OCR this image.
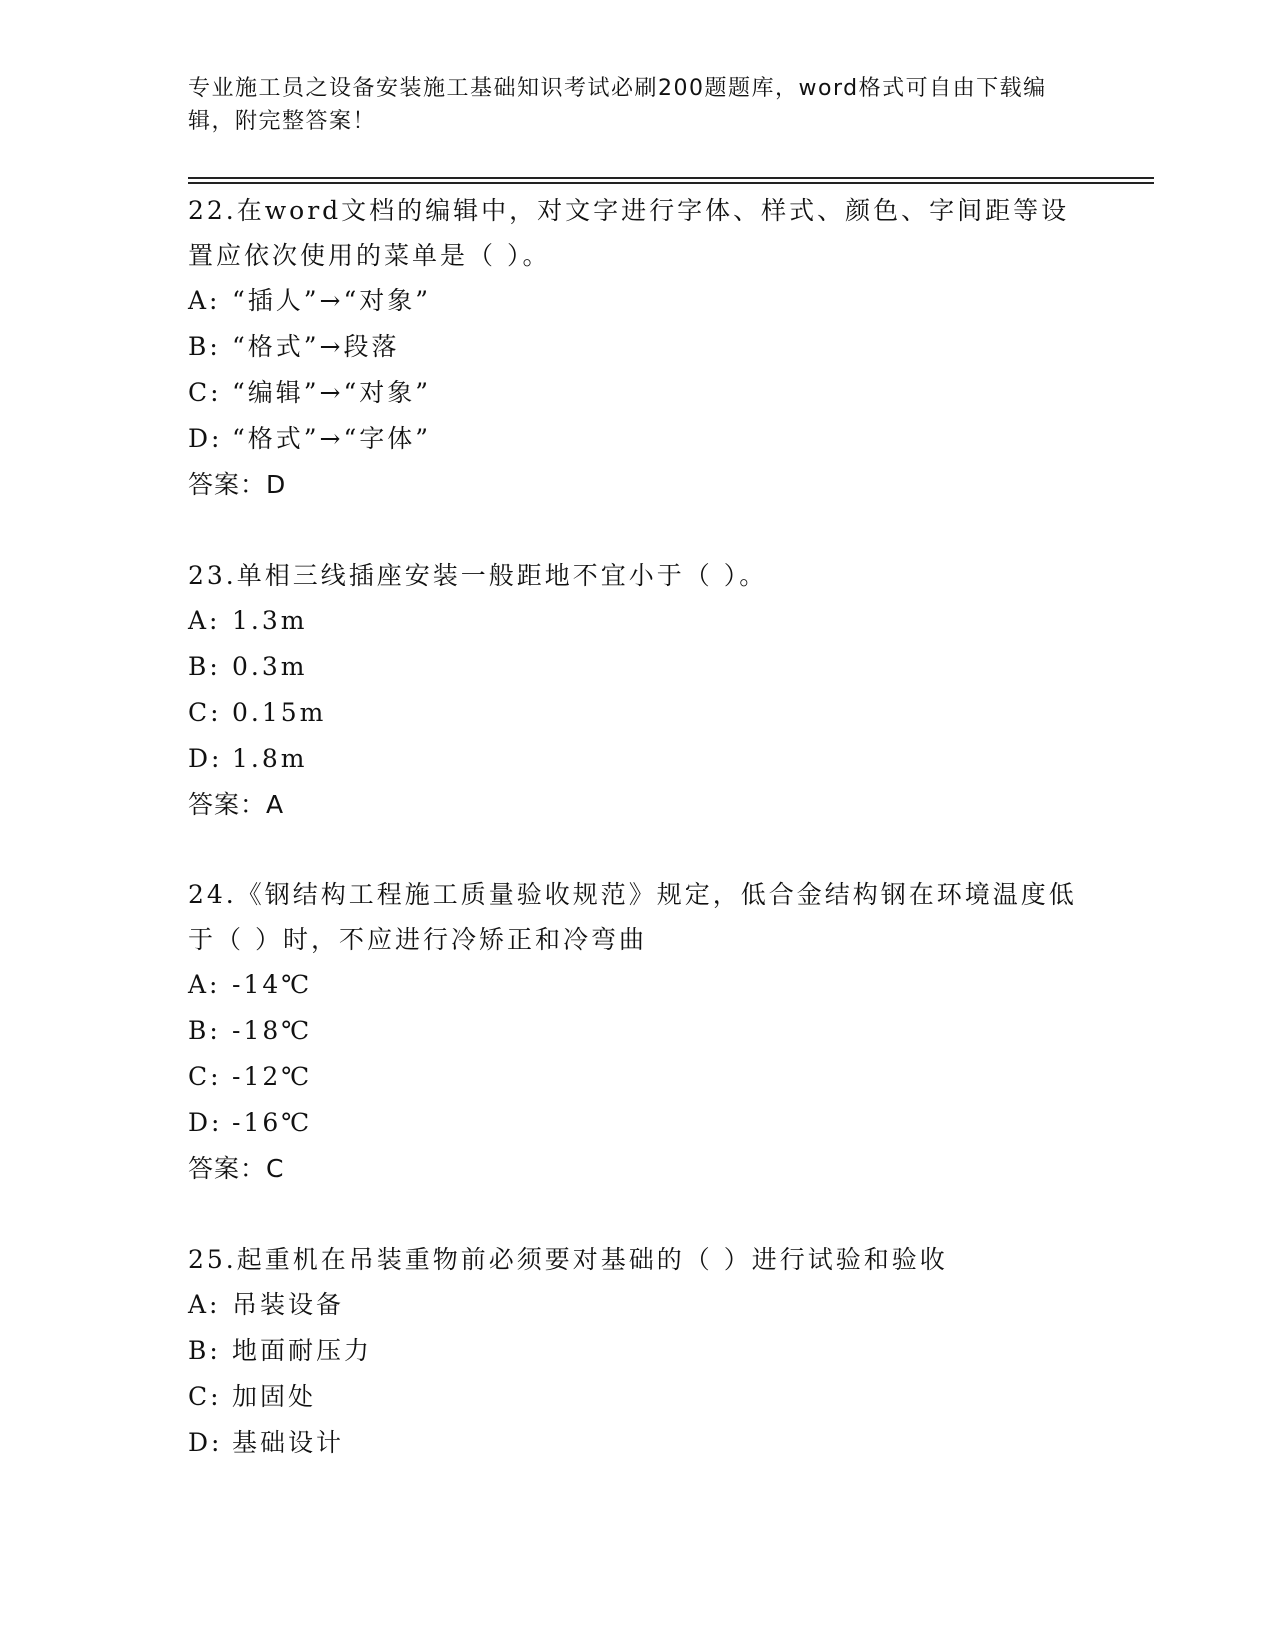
专业施工员之设备安装施工基础知识考试必刷200题题库，word格式可自由下载编辑，附完整答案！

22.在word文档的编辑中，对文字进行字体、样式、颜色、字间距等设置应依次使用的菜单是（ ）。

A: “插人”→“对象”

B: “格式”→段落

C: “编辑”→“对象”

D: “格式”→“字体”

答案：D

23.单相三线插座安装一般距地不宜小于（ ）。

A: 1.3m

B: 0.3m

C: 0.15m

D: 1.8m

答案：A

24.《钢结构工程施工质量验收规范》规定，低合金结构钢在环境温度低于（ ）时，不应进行冷矫正和冷弯曲

A: -14℃

B: -18℃

C: -12℃

D: -16℃

答案：C

25.起重机在吊装重物前必须要对基础的（ ）进行试验和验收

A: 吊装设备

B: 地面耐压力

C: 加固处

D: 基础设计
